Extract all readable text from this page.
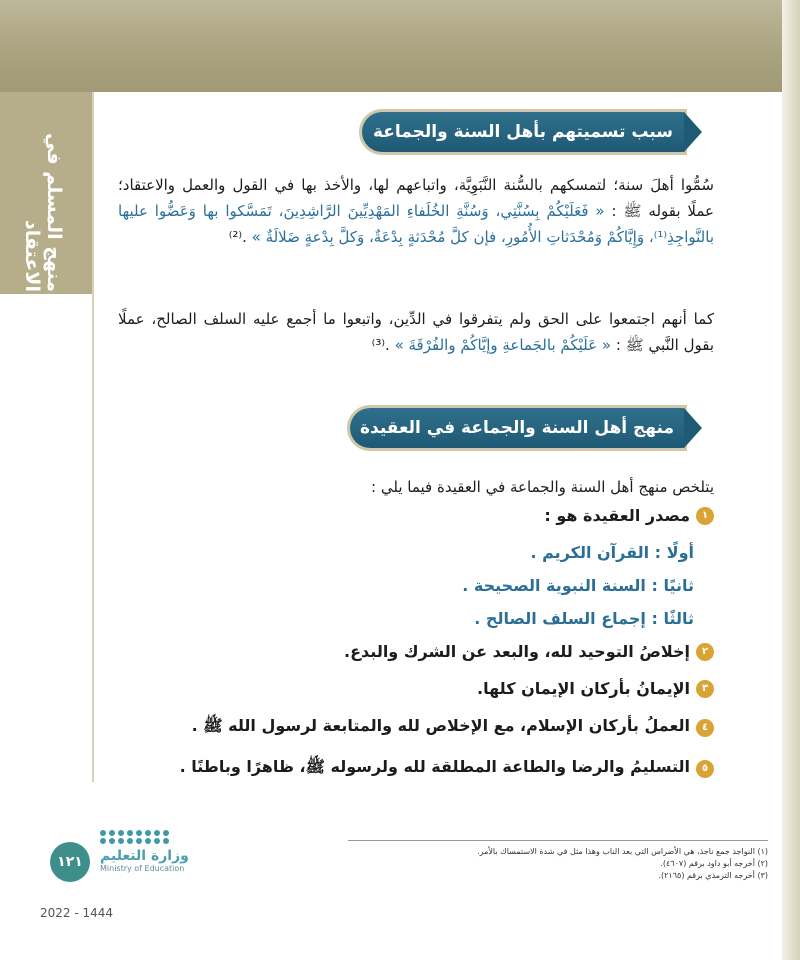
منهج المسلم في الاعتقاد
سبب تسميتهم بأهل السنة والجماعة
سُمُّوا أهلَ سنة؛ لتمسكهم بالسُّنة النَّبَوِيَّة، واتباعهم لها، والأخذ بها في القول والعمل والاعتقاد؛ عملًا بقوله ﷺ : « فَعَلَيْكُمْ بِسُنَّتِي، وَسُنَّةِ الخُلَفاءِ المَهْدِيِّينَ الرَّاشِدِينَ، تَمَسَّكوا بها وَعَضُّوا عليها بالنَّواجِذِ⁽¹⁾، وَإِيَّاكُمْ وَمُحْدَثاتِ الأُمُورِ، فإن كلَّ مُحْدَثةٍ بِدْعَةٌ، وَكلَّ بِدْعةٍ ضَلالَةٌ » .⁽²⁾
كما أنهم اجتمعوا على الحق ولم يتفرقوا في الدِّين، واتبعوا ما أجمع عليه السلف الصالح، عملًا بقول النَّبي ﷺ : « عَلَيْكُمْ بالجَماعةِ وإيَّاكُمْ والفُرْقَةَ » .⁽³⁾
منهج أهل السنة والجماعة في العقيدة
يتلخص منهج أهل السنة والجماعة في العقيدة فيما يلي :
١
مصدر العقيدة هو :
أولًا : القرآن الكريم .
ثانيًا : السنة النبوية الصحيحة .
ثالثًا : إجماع السلف الصالح .
٢
إخلاصُ التوحيد لله، والبعد عن الشرك والبدع.
٣
الإيمانُ بأركان الإيمان كلها.
٤
العملُ بأركان الإسلام، مع الإخلاص لله والمتابعة لرسول الله ﷺ .
٥
التسليمُ والرضا والطاعة المطلقة لله ولرسوله ﷺ، ظاهرًا وباطنًا .
(١) النواجذ جمع ناجذ، هي الأضراس التي بعد الناب وهذا مثل في شدة الاستمساك بالأمر.
(٢) أخرجه أبو داود برقم (٤٦٠٧).
(٣) أخرجه الترمذي برقم (٢١٦٥).
١٢١	وزارة التعليم
Ministry of Education
2022 - 1444
